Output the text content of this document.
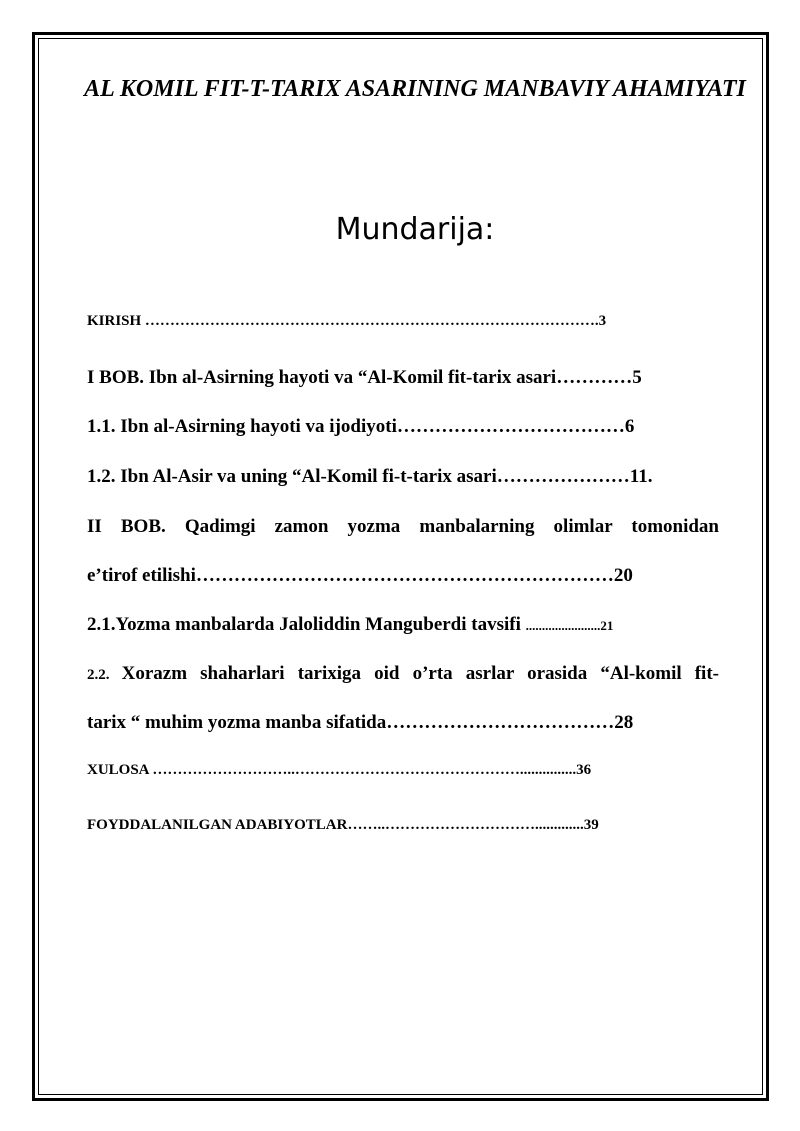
AL KOMIL FIT-T-TARIX ASARINING MANBAVIY AHAMIYATI
Mundarija:

KIRISH ……………………………………………………………………………….3

I BOB. Ibn al-Asirning hayoti va “Al-Komil fit-tarix asari…………5

1.1. Ibn al-Asirning hayoti va ijodiyoti………………………………6

1.2. Ibn Al-Asir va uning “Al-Komil fi-t-tarix asari…………………11.

II BOB. Qadimgi zamon yozma manbalarning olimlar tomonidan

e’tirof etilishi…………………………………………………………20

2.1.Yozma manbalarda Jaloliddin Manguberdi tavsifi .......................21

2.2. Xorazm shaharlari tarixiga oid o’rta asrlar orasida “Al-komil fit-

tarix “ muhim yozma manba sifatida………………………………28

XULOSA ………………………..………………………………………...............36

FOYDDALANILGAN ADABIYOTLAR……..………………………….............39
